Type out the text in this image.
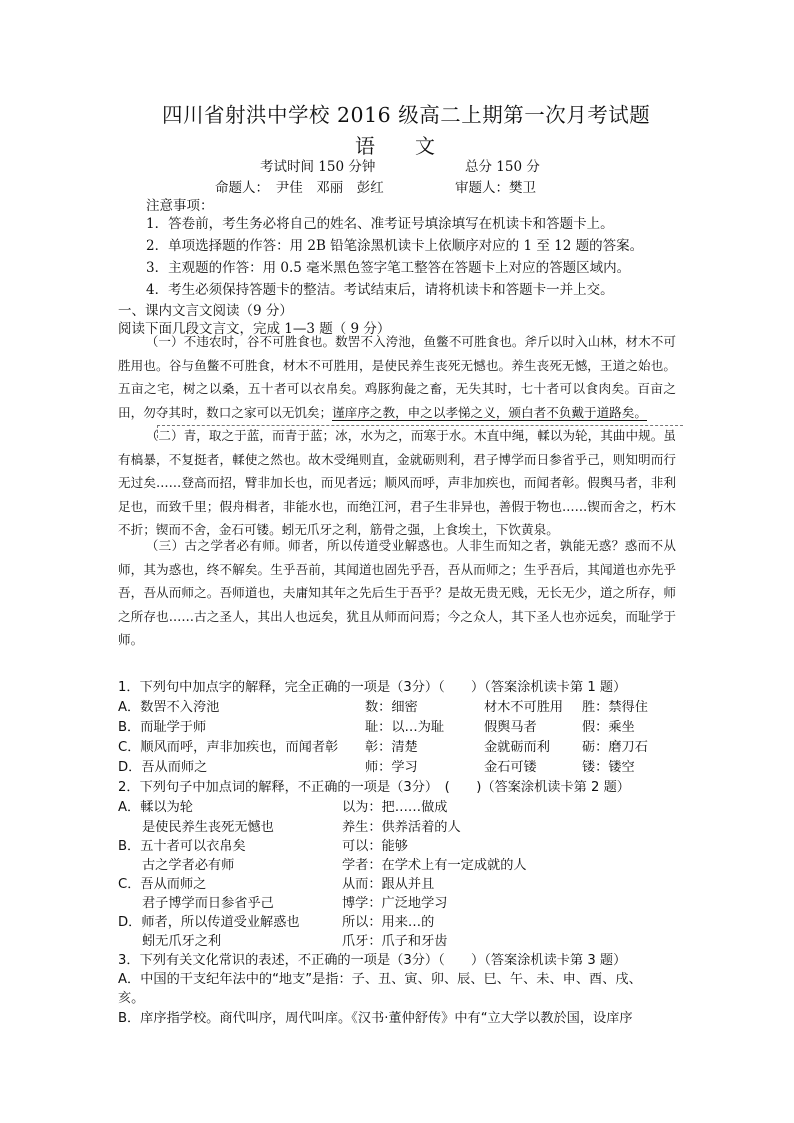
四川省射洪中学校 2016 级高二上期第一次月考试题
语　　文
考试时间 150 分钟	总分 150 分
命题人：　尹佳　邓丽　彭红	审题人：樊卫
注意事项：
1．答卷前，考生务必将自己的姓名、准考证号填涂填写在机读卡和答题卡上。
2．单项选择题的作答：用 2B 铅笔涂黑机读卡上依顺序对应的 1 至 12 题的答案。
3．主观题的作答：用 0.5 毫米黑色签字笔工整答在答题卡上对应的答题区域内。
4．考生必须保持答题卡的整洁。考试结束后，请将机读卡和答题卡一并上交。
一、课内文言文阅读（9 分）
阅读下面几段文言文，完成 1—3 题（ 9 分）

（一）不违农时，谷不可胜食也。数罟不入洿池，鱼鳖不可胜食也。斧斤以时入山林，材木不可胜用也。谷与鱼鳖不可胜食，材木不可胜用，是使民养生丧死无憾也。养生丧死无憾，王道之始也。五亩之宅，树之以桑，五十者可以衣帛矣。鸡豚狗彘之畜，无失其时，七十者可以食肉矣。百亩之田，勿夺其时，数口之家可以无饥矣；谨庠序之教，申之以孝悌之义，颁白者不负戴于道路矣。

（二）青，取之于蓝，而青于蓝；冰，水为之，而寒于水。木直中绳，輮以为轮，其曲中规。虽有槁暴，不复挺者，輮使之然也。故木受绳则直，金就砺则利，君子博学而日参省乎己，则知明而行无过矣……登高而招，臂非加长也，而见者远；顺风而呼，声非加疾也，而闻者彰。假舆马者，非利足也，而致千里；假舟楫者，非能水也，而绝江河，君子生非异也，善假于物也……锲而舍之，朽木不折；锲而不舍，金石可镂。蚓无爪牙之利，筋骨之强，上食埃土，下饮黄泉。

（三）古之学者必有师。师者，所以传道受业解惑也。人非生而知之者，孰能无惑？惑而不从师，其为惑也，终不解矣。生乎吾前，其闻道也固先乎吾，吾从而师之；生乎吾后，其闻道也亦先乎吾，吾从而师之。吾师道也，夫庸知其年之先后生于吾乎？是故无贵无贱，无长无少，道之所存，师之所存也……古之圣人，其出人也远矣，犹且从师而问焉；今之众人，其下圣人也亦远矣，而耻学于师。

1．下列句中加点字的解释，完全正确的一项是（3分）（　　）（答案涂机读卡第 1 题）
A．数罟不入洿池	数：细密	材木不可胜用 胜：禁得住
B．而耻学于师	耻：以…为耻	假舆马者	假：乘坐
C．顺风而呼，声非加疾也，而闻者彰 彰：清楚	金就砺而利 砺：磨刀石
D．吾从而师之	师：学习	金石可镂	镂：镂空
2．下列句子中加点词的解释，不正确的一项是（3分）　(　　)（答案涂机读卡第 2 题）
A．輮以为轮	以为：把……做成
是使民养生丧死无憾也	养生：供养活着的人
B．五十者可以衣帛矣	可以：能够
古之学者必有师	学者：在学术上有一定成就的人
C．吾从而师之	从而：跟从并且
君子博学而日参省乎己	博学：广泛地学习
D．师者，所以传道受业解惑也	所以：用来…的
蚓无爪牙之利	爪牙：爪子和牙齿
3．下列有关文化常识的表述，不正确的一项是（3分）（　　）（答案涂机读卡第 3 题）
A．中国的干支纪年法中的“地支”是指：子、丑、寅、卯、辰、巳、午、未、申、酉、戌、
亥。
B．庠序指学校。商代叫序，周代叫庠。《汉书·董仲舒传》中有“立大学以教於国，设庠序
